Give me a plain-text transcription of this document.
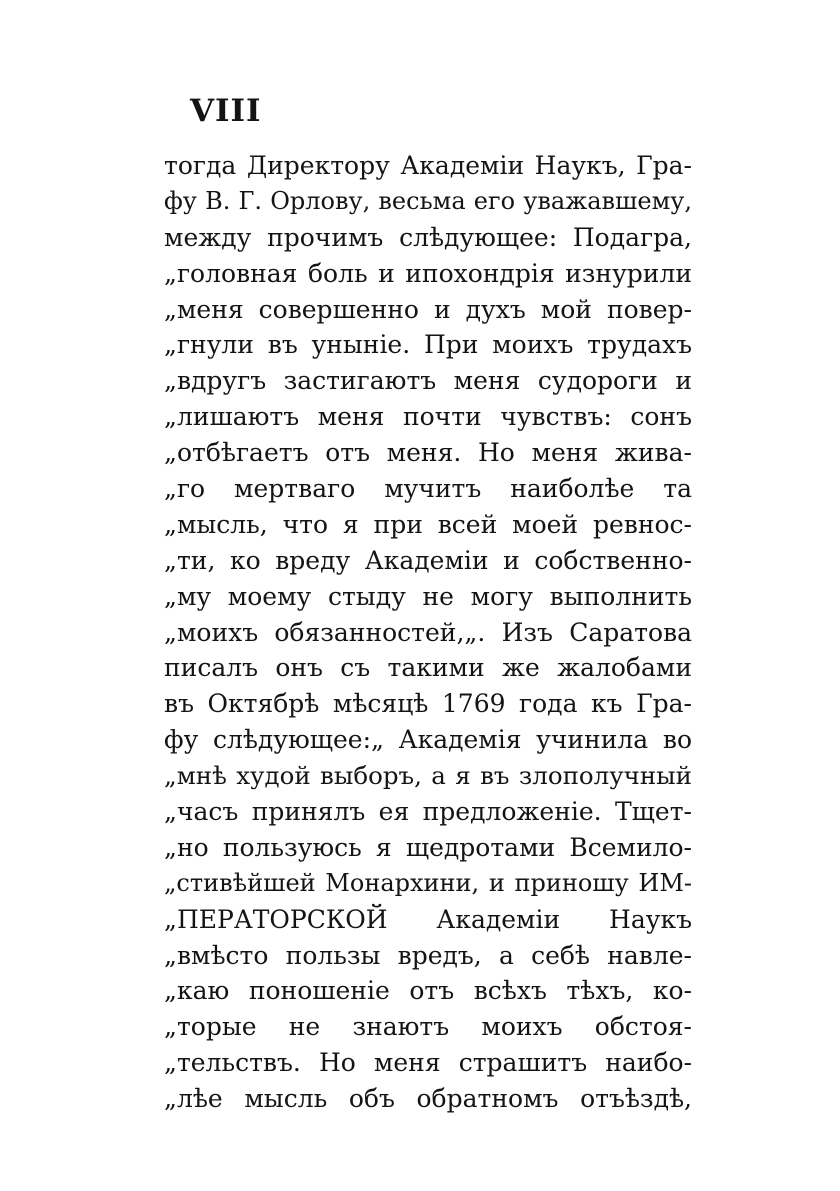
VIII
тогда Директору Академіи Наукъ, Гра-
фу В. Г. Орлову, весьма его уважавшему,
между прочимъ слѣдующее: Подагра,
„головная боль и ипохондрія изнурили
„меня совершенно и духъ мой повер-
„гнули въ уныніе. При моихъ трудахъ
„вдругъ застигаютъ меня судороги и
„лишаютъ меня почти чувствъ: сонъ
„отбѣгаетъ отъ меня. Но меня жива-
„го мертваго мучитъ наиболѣе та
„мысль, что я при всей моей ревнос-
„ти, ко вреду Академіи и собственно-
„му моему стыду не могу выполнить
„моихъ обязанностей,„. Изъ Саратова
писалъ онъ съ такими же жалобами
въ Октябрѣ мѣсяцѣ 1769 года къ Гра-
фу слѣдующее:„ Академія учинила во
„мнѣ худой выборъ, а я въ злополучный
„часъ принялъ ея предложеніе. Тщет-
„но пользуюсь я щедротами Всемило-
„стивѣйшей Монархини, и приношу ИМ-
„ПЕРАТОРСКОЙ Академіи Наукъ
„вмѣсто пользы вредъ, а себѣ навле-
„каю поношеніе отъ всѣхъ тѣхъ, ко-
„торые не знаютъ моихъ обстоя-
„тельствъ. Но меня страшитъ наибо-
„лѣе мысль объ обратномъ отъѣздѣ,
